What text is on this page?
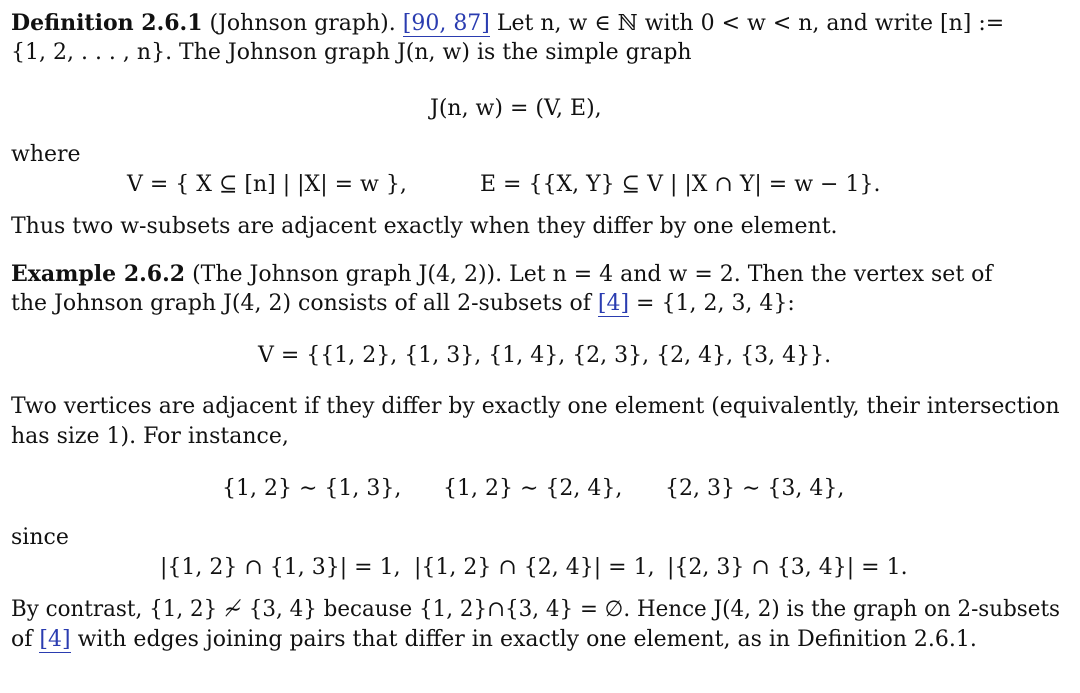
Definition 2.6.1 (Johnson graph). [90, 87] Let n, w ∈ ℕ with 0 < w < n, and write [n] :=
{1, 2, . . . , n}. The Johnson graph J(n, w) is the simple graph
J(n, w) = (V, E),
where
V = { X ⊆ [n] | |X| = w },	E = {{X, Y} ⊆ V | |X ∩ Y| = w − 1}.
Thus two w-subsets are adjacent exactly when they differ by one element.
Example 2.6.2 (The Johnson graph J(4, 2)). Let n = 4 and w = 2. Then the vertex set of
the Johnson graph J(4, 2) consists of all 2-subsets of [4] = {1, 2, 3, 4}:
V = {{1, 2}, {1, 3}, {1, 4}, {2, 3}, {2, 4}, {3, 4}}.
Two vertices are adjacent if they differ by exactly one element (equivalently, their intersection
has size 1). For instance,
{1, 2} ∼ {1, 3}, {1, 2} ∼ {2, 4}, {2, 3} ∼ {3, 4},
since
|{1, 2} ∩ {1, 3}| = 1, |{1, 2} ∩ {2, 4}| = 1, |{2, 3} ∩ {3, 4}| = 1.
By contrast, {1, 2} ≁ {3, 4} because {1, 2}∩{3, 4} = ∅. Hence J(4, 2) is the graph on 2-subsets
of [4] with edges joining pairs that differ in exactly one element, as in Definition 2.6.1.
